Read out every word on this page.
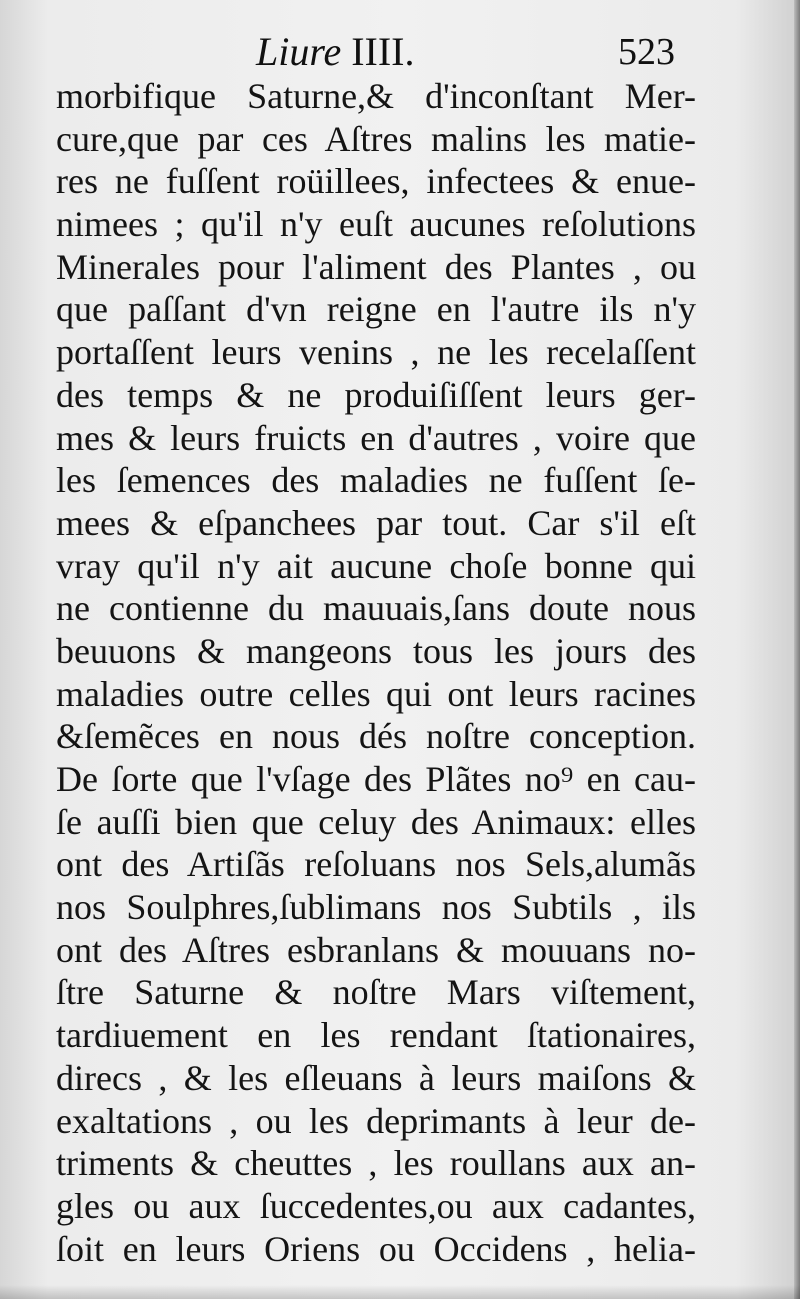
Liure IIII.	523
morbifique Saturne,& d'inconſtant Mer-
cure,que par ces Aſtres malins les matie-
res ne fuſſent roüillees, infectees & enue-
nimees ; qu'il n'y euſt aucunes reſolutions
Minerales pour l'aliment des Plantes , ou
que paſſant d'vn reigne en l'autre ils n'y
portaſſent leurs venins , ne les recelaſſent
des temps & ne produiſiſſent leurs ger-
mes & leurs fruicts en d'autres , voire que
les ſemences des maladies ne fuſſent ſe-
mees & eſpanchees par tout. Car s'il eſt
vray qu'il n'y ait aucune choſe bonne qui
ne contienne du mauuais,ſans doute nous
beuuons & mangeons tous les jours des
maladies outre celles qui ont leurs racines
&ſemẽces en nous dés noſtre conception.
De ſorte que l'vſage des Plãtes no⁹ en cau-
ſe auſſi bien que celuy des Animaux: elles
ont des Artiſãs reſoluans nos Sels,alumãs
nos Soulphres,ſublimans nos Subtils , ils
ont des Aſtres esbranlans & mouuans no-
ſtre Saturne & noſtre Mars viſtement,
tardiuement en les rendant ſtationaires,
direcs , & les eſleuans à leurs maiſons &
exaltations , ou les deprimants à leur de-
triments & cheuttes , les roullans aux an-
gles ou aux ſuccedentes,ou aux cadantes,
ſoit en leurs Oriens ou Occidens , helia-
